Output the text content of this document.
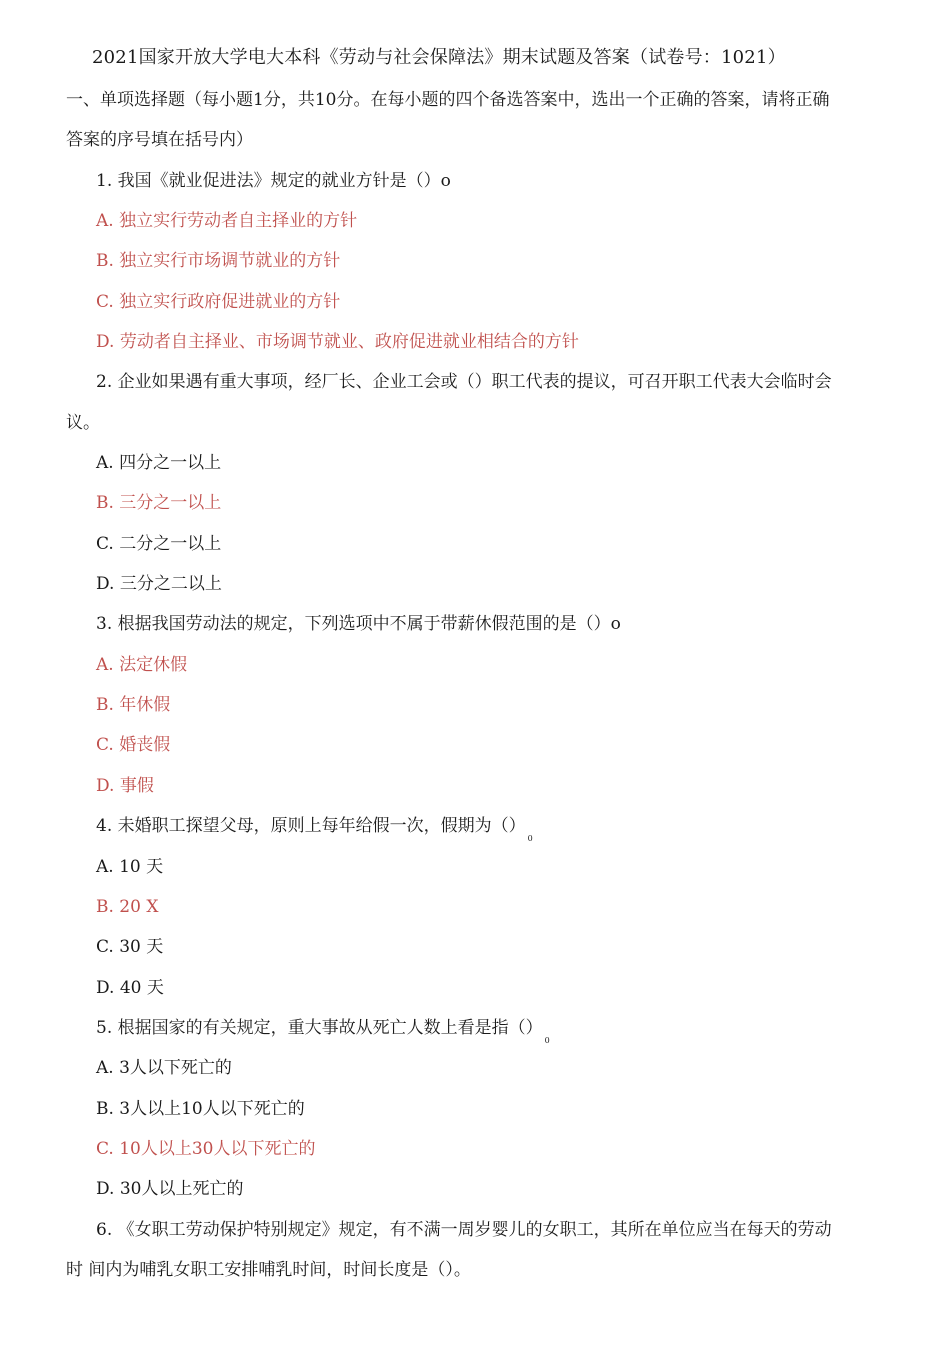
2021国家开放大学电大本科《劳动与社会保障法》期末试题及答案（试卷号：1021）
一、单项选择题（每小题1分，共10分。在每小题的四个备选答案中，选出一个正确的答案，请将正确
答案的序号填在括号内）
1. 我国《就业促进法》规定的就业方针是（）o
A. 独立实行劳动者自主择业的方针
B. 独立实行市场调节就业的方针
C. 独立实行政府促进就业的方针
D. 劳动者自主择业、市场调节就业、政府促进就业相结合的方针
2. 企业如果遇有重大事项，经厂长、企业工会或（）职工代表的提议，可召开职工代表大会临时会
议。
A. 四分之一以上
B. 三分之一以上
C. 二分之一以上
D. 三分之二以上
3. 根据我国劳动法的规定，下列选项中不属于带薪休假范围的是（）o
A. 法定休假
B. 年休假
C. 婚丧假
D. 事假
4. 未婚职工探望父母，原则上每年给假一次，假期为$()_0$
A. 10 天
B. 20 X
C. 30 天
D. 40 天
5. 根据国家的有关规定，重大事故从死亡人数上看是指$()_0$
A. 3人以下死亡的
B. 3人以上10人以下死亡的
C. 10人以上30人以下死亡的
D. 30人以上死亡的
6. 《女职工劳动保护特别规定》规定，有不满一周岁婴儿的女职工，其所在单位应当在每天的劳动
时 间内为哺乳女职工安排哺乳时间，时间长度是（）。
